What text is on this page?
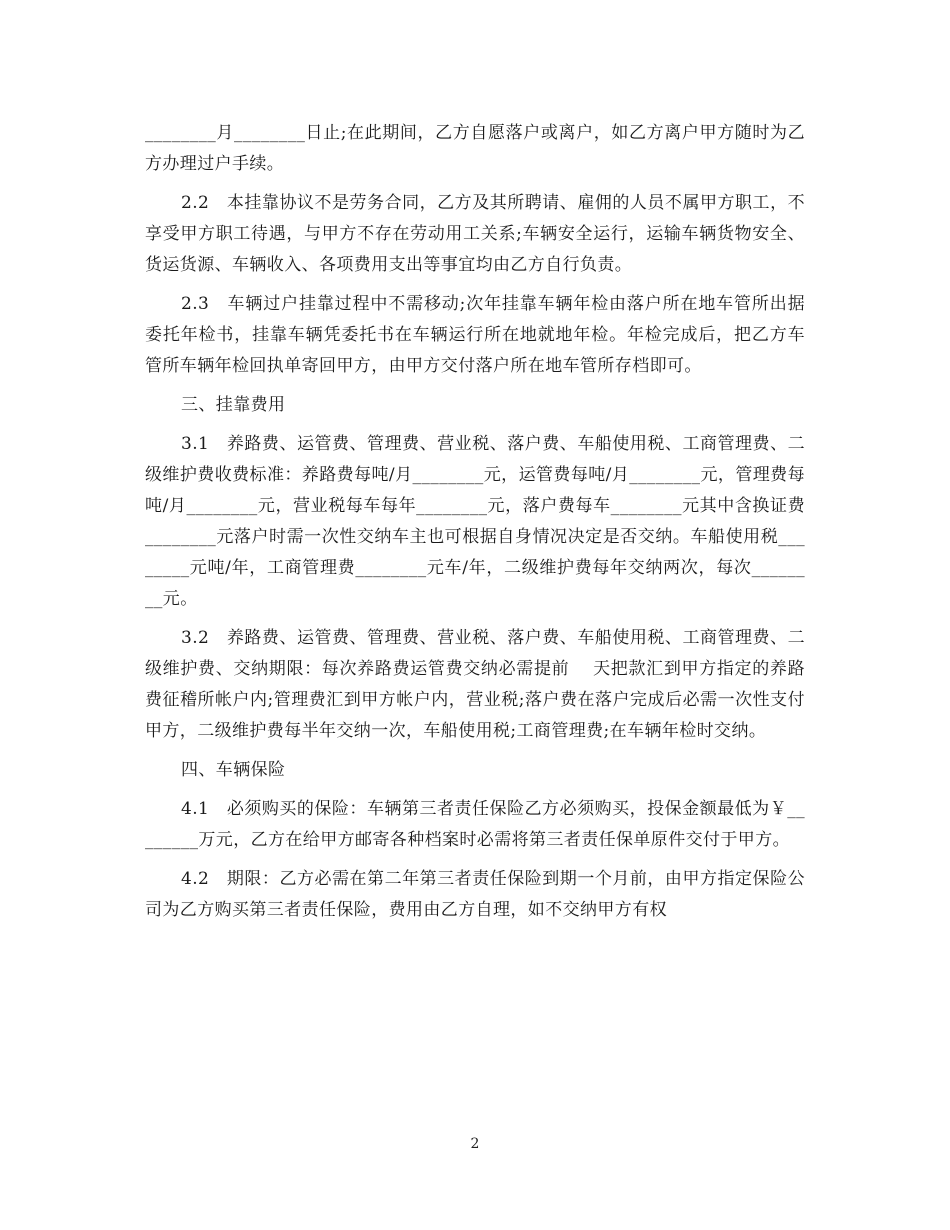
________月________日止;在此期间，乙方自愿落户或离户，如乙方离户甲方随时为乙方办理过户手续。

2.2　本挂靠协议不是劳务合同，乙方及其所聘请、雇佣的人员不属甲方职工，不享受甲方职工待遇，与甲方不存在劳动用工关系;车辆安全运行，运输车辆货物安全、货运货源、车辆收入、各项费用支出等事宜均由乙方自行负责。

2.3　车辆过户挂靠过程中不需移动;次年挂靠车辆年检由落户所在地车管所出据委托年检书，挂靠车辆凭委托书在车辆运行所在地就地年检。年检完成后，把乙方车管所车辆年检回执单寄回甲方，由甲方交付落户所在地车管所存档即可。

三、挂靠费用

3.1　养路费、运管费、管理费、营业税、落户费、车船使用税、工商管理费、二级维护费收费标准：养路费每吨/月________元，运管费每吨/月________元，管理费每吨/月________元，营业税每车每年________元，落户费每车________元其中含换证费________元落户时需一次性交纳车主也可根据自身情况决定是否交纳。车船使用税________元吨/年，工商管理费________元车/年，二级维护费每年交纳两次，每次________元。

3.2　养路费、运管费、管理费、营业税、落户费、车船使用税、工商管理费、二级维护费、交纳期限：每次养路费运管费交纳必需提前　 天把款汇到甲方指定的养路费征稽所帐户内;管理费汇到甲方帐户内，营业税;落户费在落户完成后必需一次性支付甲方，二级维护费每半年交纳一次，车船使用税;工商管理费;在车辆年检时交纳。

四、车辆保险

4.1　必须购买的保险：车辆第三者责任保险乙方必须购买，投保金额最低为￥________万元，乙方在给甲方邮寄各种档案时必需将第三者责任保单原件交付于甲方。

4.2　期限：乙方必需在第二年第三者责任保险到期一个月前，由甲方指定保险公司为乙方购买第三者责任保险，费用由乙方自理，如不交纳甲方有权

2
